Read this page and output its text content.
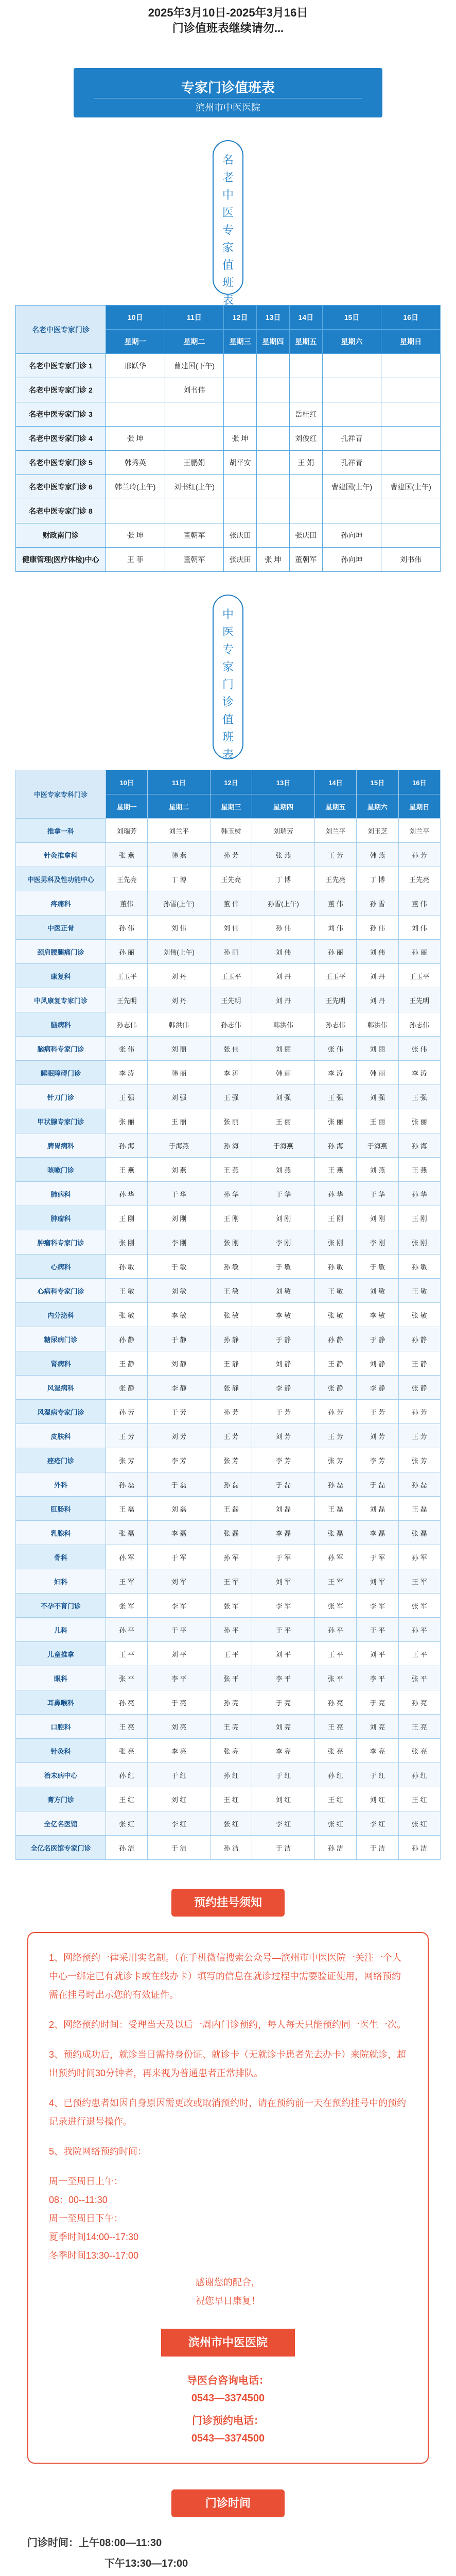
2025年3月10日-2025年3月16日
门诊值班表继续请勿...
专家门诊值班表
滨州市中医医院
名
老
中
医
专
家
值
班
表
名老中医专家门诊	10日	11日	12日	13日	14日	15日	16日
	星期一	星期二	星期三	星期四	星期五	星期六	星期日
名老中医专家门诊 1	邢跃华	曹建国(下午)					
名老中医专家门诊 2		刘书伟					
名老中医专家门诊 3					岳桂红		
名老中医专家门诊 4	张 坤		张 坤		刘俊红	孔祥青	
名老中医专家门诊 5	韩秀英	王鹏娟	胡平安		王 娟	孔祥青	
名老中医专家门诊 6	韩兰玲(上午)	刘书红(上午)				曹建国(上午)	曹建国(上午)
名老中医专家门诊 8							
财政南门诊	张 坤	董朝军	张庆田		张庆田	孙向坤	
健康管理(医疗体检)中心	王 菲	董朝军	张庆田	张 坤	董朝军	孙向坤	刘书伟
中
医
专
家
门
诊
值
班
表
中医专家专科门诊	10日	11日	12日	13日	14日	15日	16日
	星期一	星期二	星期三	星期四	星期五	星期六	星期日
推拿一科	刘瑞芳	刘兰平	韩玉树	刘瑞芳	刘兰平	刘玉芝	刘兰平
针灸推拿科	张 燕	韩 燕	孙 芳	张 燕	王 芳	韩 燕	孙 芳
中医男科及性功能中心	王先亮	丁 博	王先亮	丁 博	王先亮	丁 博	王先亮
疼痛科	董伟	孙雪(上午)	董 伟	孙雪(上午)	董 伟	孙 雪	董 伟
中医正骨	孙 伟	刘 伟	刘 伟	孙 伟	刘 伟	孙 伟	刘 伟
颈肩腰腿痛门诊	孙 丽	刘伟(上午)	孙 丽	刘 伟	孙 丽	刘 伟	孙 丽
康复科	王玉平	刘 丹	王玉平	刘 丹	王玉平	刘 丹	王玉平
中风康复专家门诊	王先明	刘 丹	王先明	刘 丹	王先明	刘 丹	王先明
脑病科	孙志伟	韩洪伟	孙志伟	韩洪伟	孙志伟	韩洪伟	孙志伟
脑病科专家门诊	张 伟	刘 丽	张 伟	刘 丽	张 伟	刘 丽	张 伟
睡眠障碍门诊	李 涛	韩 丽	李 涛	韩 丽	李 涛	韩 丽	李 涛
针刀门诊	王 强	刘 强	王 强	刘 强	王 强	刘 强	王 强
甲状腺专家门诊	张 丽	王 丽	张 丽	王 丽	张 丽	王 丽	张 丽
脾胃病科	孙 海	于海燕	孙 海	于海燕	孙 海	于海燕	孙 海
咳嗽门诊	王 燕	刘 燕	王 燕	刘 燕	王 燕	刘 燕	王 燕
肺病科	孙 华	于 华	孙 华	于 华	孙 华	于 华	孙 华
肿瘤科	王 刚	刘 刚	王 刚	刘 刚	王 刚	刘 刚	王 刚
肿瘤科专家门诊	张 刚	李 刚	张 刚	李 刚	张 刚	李 刚	张 刚
心病科	孙 敏	于 敏	孙 敏	于 敏	孙 敏	于 敏	孙 敏
心病科专家门诊	王 敏	刘 敏	王 敏	刘 敏	王 敏	刘 敏	王 敏
内分泌科	张 敏	李 敏	张 敏	李 敏	张 敏	李 敏	张 敏
糖尿病门诊	孙 静	于 静	孙 静	于 静	孙 静	于 静	孙 静
肾病科	王 静	刘 静	王 静	刘 静	王 静	刘 静	王 静
风湿病科	张 静	李 静	张 静	李 静	张 静	李 静	张 静
风湿病专家门诊	孙 芳	于 芳	孙 芳	于 芳	孙 芳	于 芳	孙 芳
皮肤科	王 芳	刘 芳	王 芳	刘 芳	王 芳	刘 芳	王 芳
痤疮门诊	张 芳	李 芳	张 芳	李 芳	张 芳	李 芳	张 芳
外科	孙 磊	于 磊	孙 磊	于 磊	孙 磊	于 磊	孙 磊
肛肠科	王 磊	刘 磊	王 磊	刘 磊	王 磊	刘 磊	王 磊
乳腺科	张 磊	李 磊	张 磊	李 磊	张 磊	李 磊	张 磊
骨科	孙 军	于 军	孙 军	于 军	孙 军	于 军	孙 军
妇科	王 军	刘 军	王 军	刘 军	王 军	刘 军	王 军
不孕不育门诊	张 军	李 军	张 军	李 军	张 军	李 军	张 军
儿科	孙 平	于 平	孙 平	于 平	孙 平	于 平	孙 平
儿童推拿	王 平	刘 平	王 平	刘 平	王 平	刘 平	王 平
眼科	张 平	李 平	张 平	李 平	张 平	李 平	张 平
耳鼻喉科	孙 亮	于 亮	孙 亮	于 亮	孙 亮	于 亮	孙 亮
口腔科	王 亮	刘 亮	王 亮	刘 亮	王 亮	刘 亮	王 亮
针灸科	张 亮	李 亮	张 亮	李 亮	张 亮	李 亮	张 亮
治未病中心	孙 红	于 红	孙 红	于 红	孙 红	于 红	孙 红
膏方门诊	王 红	刘 红	王 红	刘 红	王 红	刘 红	王 红
全亿名医馆	张 红	李 红	张 红	李 红	张 红	李 红	张 红
全亿名医馆专家门诊	孙 洁	于 洁	孙 洁	于 洁	孙 洁	于 洁	孙 洁
预约挂号须知

1、网络预约一律采用实名制。（在手机微信搜索公众号—滨州市中医医院一关注一个人中心一绑定已有就诊卡或在线办卡）填写的信息在就诊过程中需要验证使用，网络预约需在挂号时出示您的有效证件。

2、网络预约时间：受理当天及以后一周内门诊预约，每人每天只能预约同一医生一次。

3、预约成功后，就诊当日需持身份证、就诊卡（无就诊卡患者先去办卡）来院就诊，超出预约时间30分钟者，再来视为普通患者正常排队。

4、已预约患者如因自身原因需更改或取消预约时，请在预约前一天在预约挂号中的预约记录进行退号操作。

5、我院网络预约时间：

周一至周日上午：
08：00--11:30
周一至周日下午：
夏季时间14:00--17:30
冬季时间13:30--17:00
感谢您的配合，
祝您早日康复！
滨州市中医医院
导医台咨询电话：
0543—3374500
门诊预约电话：
0543—3374500
门诊时间
门诊时间：上午08:00—11:30
下午13:30—17:00
